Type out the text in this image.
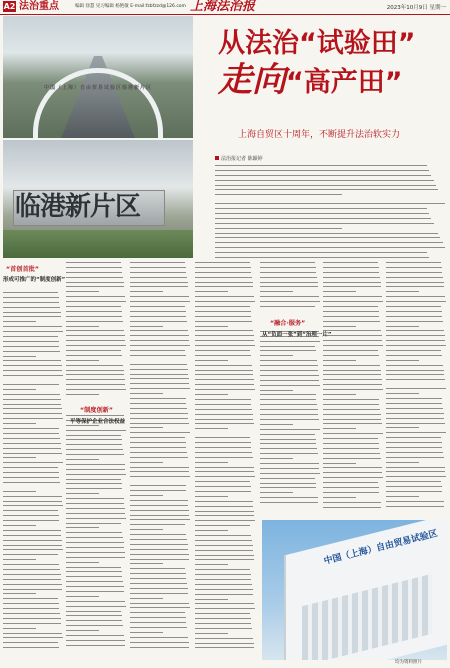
A2 法治重点	编辑 徐慧 见习编辑 杨艳敏 E-mail:fzbfzzd@126.com 上海法治报	2023年10月9日 星期一
中国（上海）自由贸易试验区临港新片区
临港新片区
从法治“试验田”
走向“高产田”
上海自贸区十周年，不断提升法治软实力
法治报记者 陈颖婷
“首创首批”
形成可推广的“制度创新”
“制度创新”
平等保护企业合法权益
“融合·服务”
从“负面一张”到“治理一片”
中国（上海）自由贸易试验区
均为资料照片
